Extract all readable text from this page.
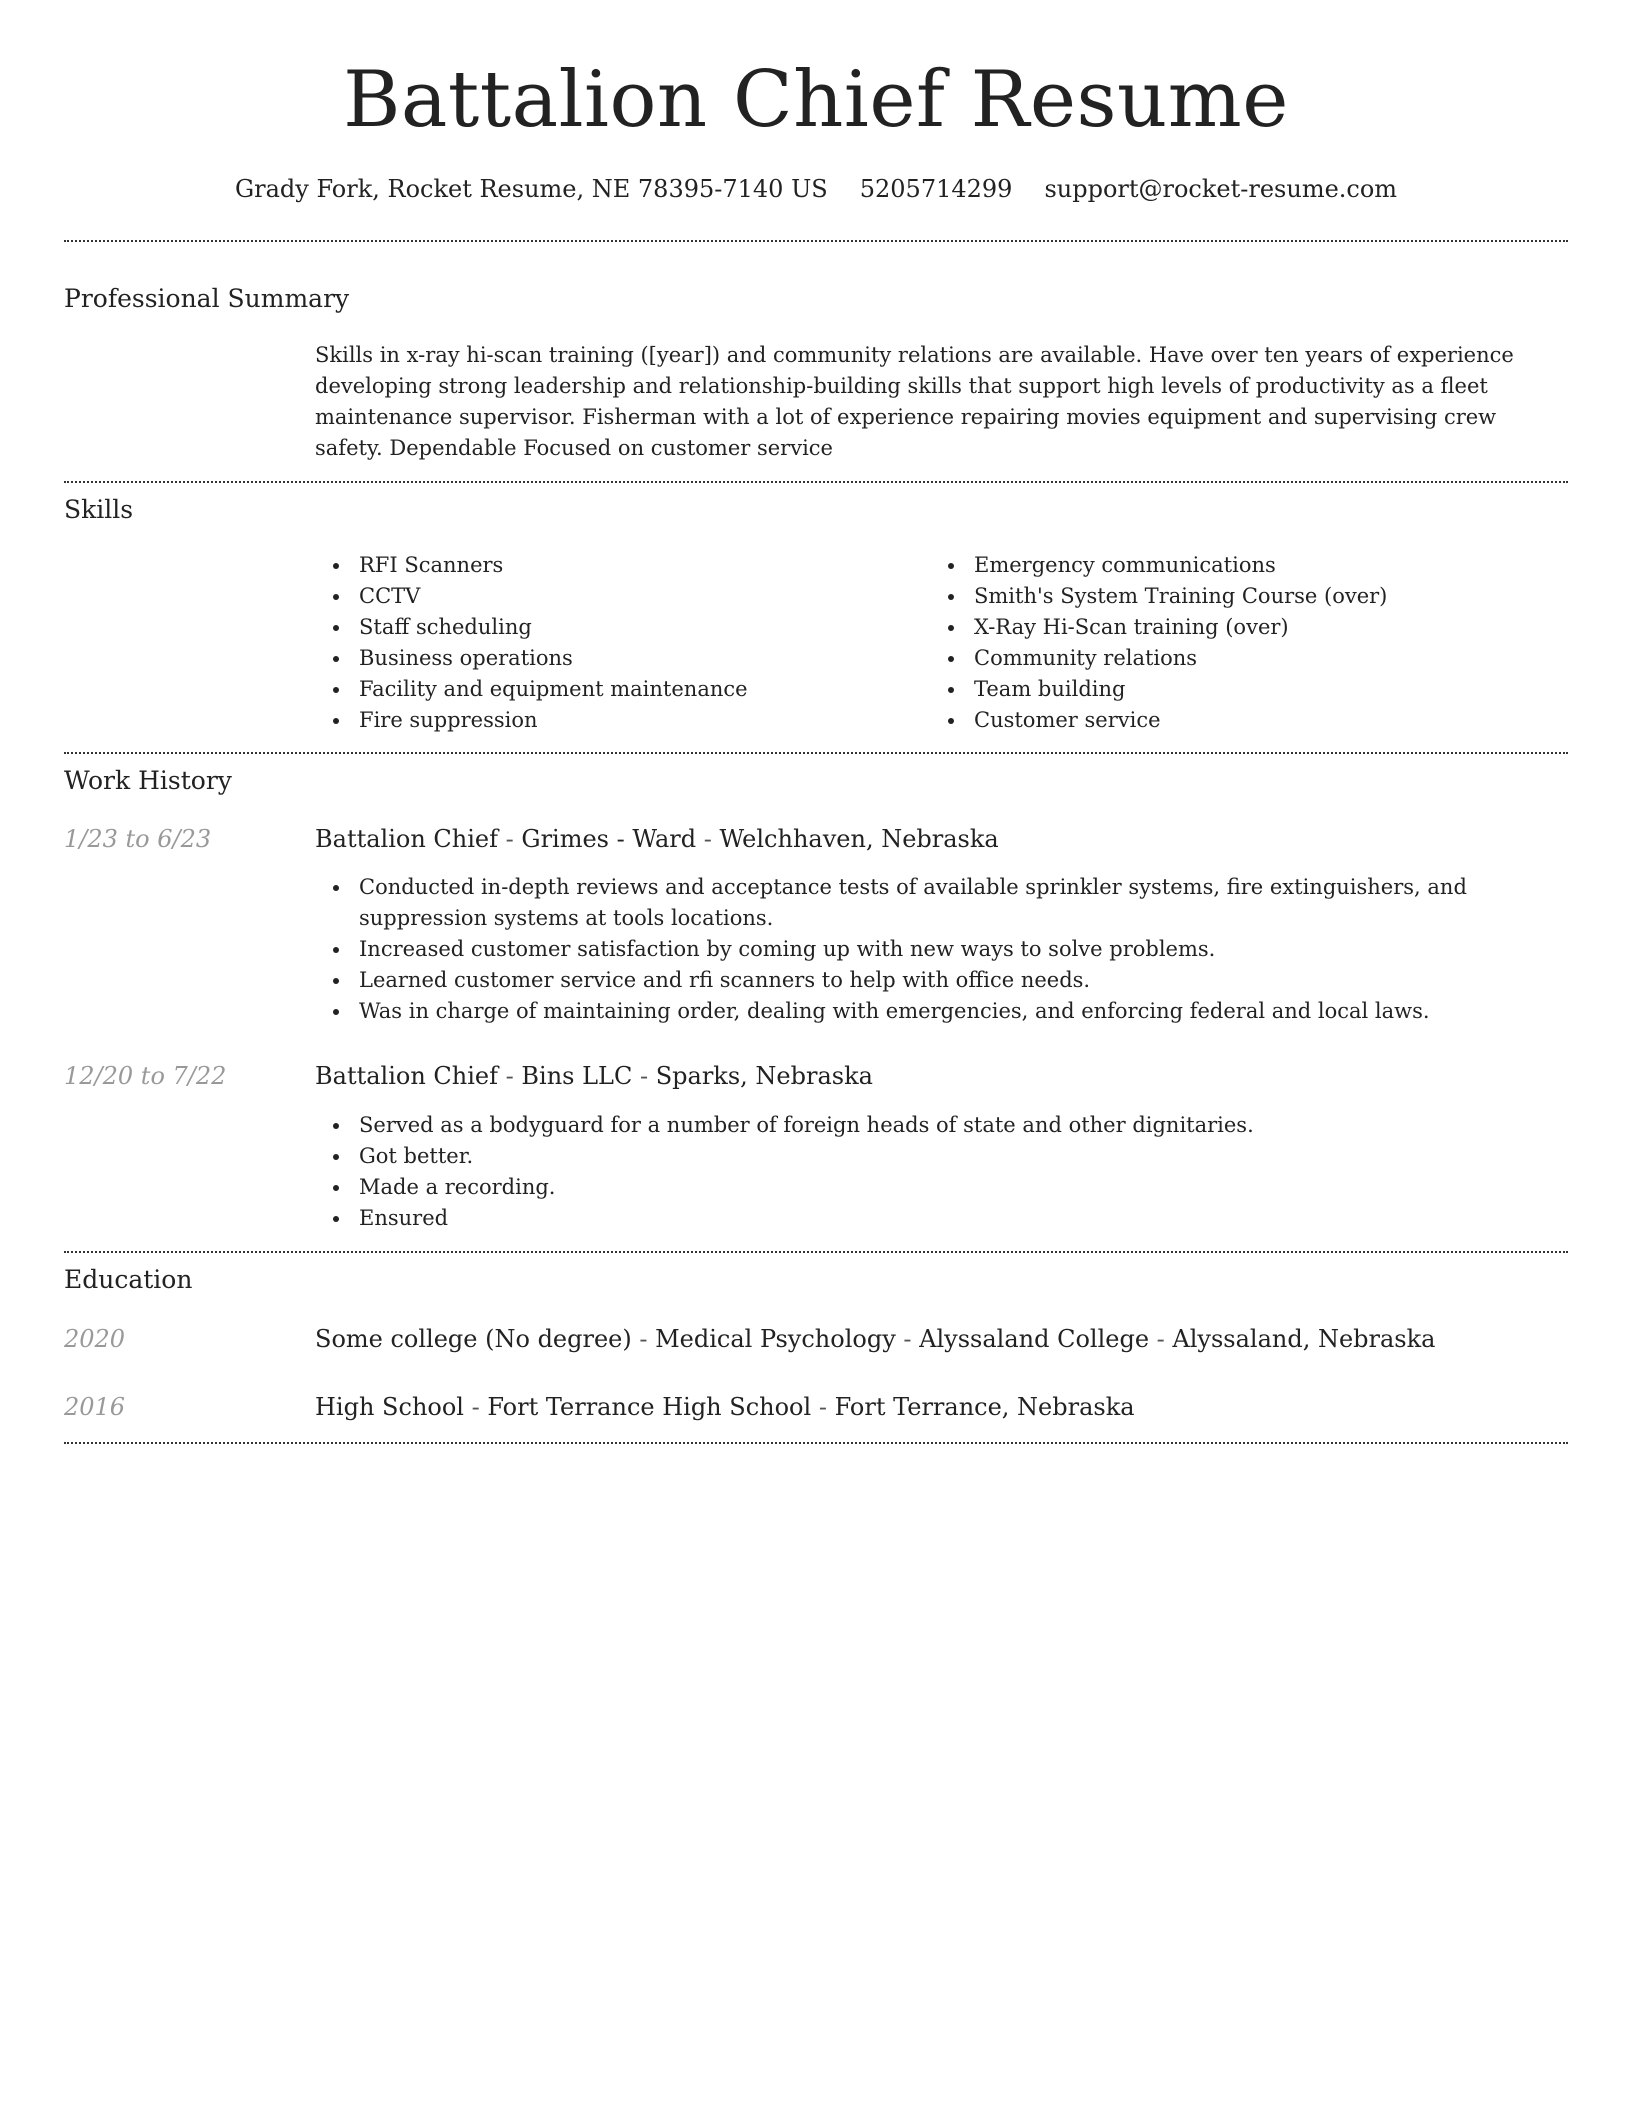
Battalion Chief Resume
Grady Fork, Rocket Resume, NE 78395-7140 US 5205714299 support@rocket-resume.com
Professional Summary
Skills in x-ray hi-scan training ([year]) and community relations are available. Have over ten years of experience developing strong leadership and relationship-building skills that support high levels of productivity as a fleet maintenance supervisor. Fisherman with a lot of experience repairing movies equipment and supervising crew safety. Dependable Focused on customer service
Skills
RFI Scanners
CCTV
Staff scheduling
Business operations
Facility and equipment maintenance
Fire suppression
Emergency communications
Smith's System Training Course (over)
X-Ray Hi-Scan training (over)
Community relations
Team building
Customer service
Work History
1/23 to 6/23	Battalion Chief - Grimes - Ward - Welchhaven, Nebraska
Conducted in-depth reviews and acceptance tests of available sprinkler systems, fire extinguishers, and suppression systems at tools locations.
Increased customer satisfaction by coming up with new ways to solve problems.
Learned customer service and rfi scanners to help with office needs.
Was in charge of maintaining order, dealing with emergencies, and enforcing federal and local laws.
12/20 to 7/22	Battalion Chief - Bins LLC - Sparks, Nebraska
Served as a bodyguard for a number of foreign heads of state and other dignitaries.
Got better.
Made a recording.
Ensured
Education
2020	Some college (No degree) - Medical Psychology - Alyssaland College - Alyssaland, Nebraska
2016	High School - Fort Terrance High School - Fort Terrance, Nebraska
